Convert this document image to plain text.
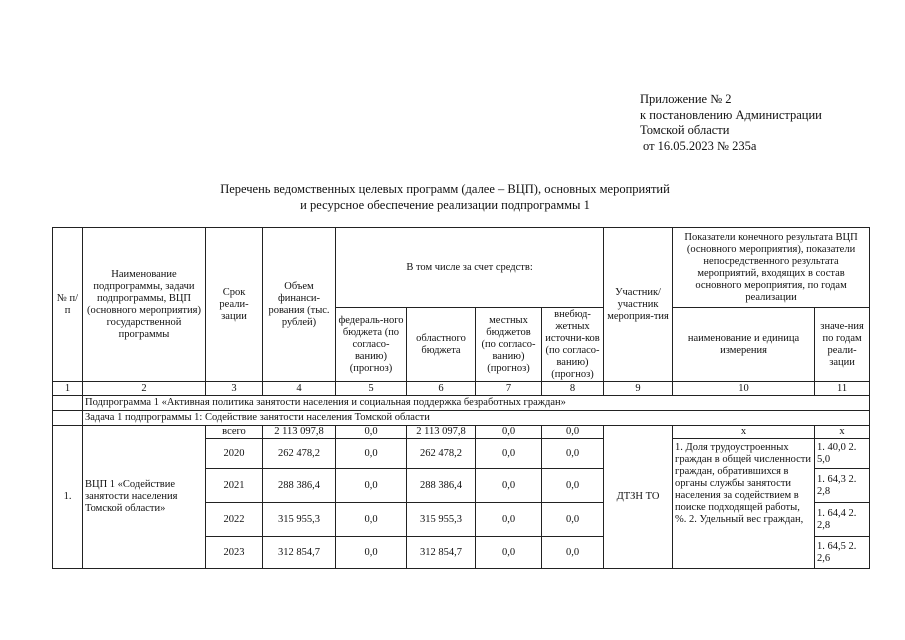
Приложение № 2
к постановлению Администрации
Томской области
от 16.05.2023 № 235а
Перечень ведомственных целевых программ (далее – ВЦП), основных мероприятий
и ресурсное обеспечение реализации подпрограммы 1
№ п/п	Наименование подпрограммы, задачи подпрограммы, ВЦП (основного мероприятия) государственной программы	Срок реали-зации	Объем финанси-рования (тыс. рублей)	В том числе за счет средств:				Участник/ участник мероприя-тия	Показатели конечного результата ВЦП (основного мероприятия), показатели непосредственного результата мероприятий, входящих в состав основного мероприятия, по годам реализации	
				федераль-ного бюджета (по согласо-ванию) (прогноз)	областного бюджета	местных бюджетов (по согласо-ванию) (прогноз)	внебюд-жетных источни-ков (по согласо-ванию) (прогноз)		наименование и единица измерения	значе-ния по годам реали-зации
1	2	3	4	5	6	7	8	9	10	11
	Подпрограмма 1 «Активная политика занятости населения и социальная поддержка безработных граждан»									
	Задача 1 подпрограммы 1: Содействие занятости населения Томской области									
1.	ВЦП 1 «Содействие занятости населения Томской области»	всего	2 113 097,8	0,0	2 113 097,8	0,0	0,0	ДТЗН ТО	x	x
		2020	262 478,2	0,0	262 478,2	0,0	0,0		1. Доля трудоустроенных граждан в общей численности граждан, обратившихся в органы службы занятости населения за содействием в поиске подходящей работы, %. 2. Удельный вес граждан,	1. 40,0 2. 5,0
		2021	288 386,4	0,0	288 386,4	0,0	0,0			1. 64,3 2. 2,8
		2022	315 955,3	0,0	315 955,3	0,0	0,0			1. 64,4 2. 2,8
		2023	312 854,7	0,0	312 854,7	0,0	0,0			1. 64,5 2. 2,6
